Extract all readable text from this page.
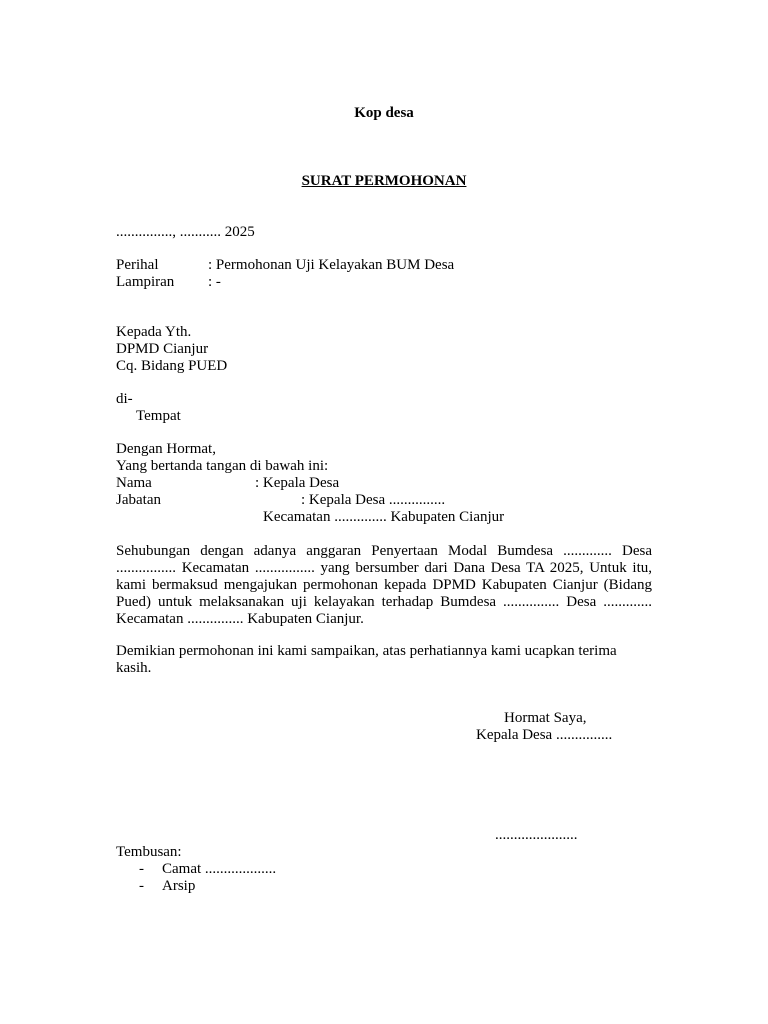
Kop desa
SURAT PERMOHONAN
..............., ........... 2025
Perihal	: Permohonan Uji Kelayakan BUM Desa
Lampiran : -
Kepada Yth.
DPMD Cianjur
Cq. Bidang PUED
di-
Tempat
Dengan Hormat,
Yang bertanda tangan di bawah ini:
Nama	: Kepala Desa
Jabatan	: Kepala Desa ...............
Kecamatan .............. Kabupaten Cianjur
Sehubungan dengan adanya anggaran Penyertaan Modal Bumdesa ............. Desa ................ Kecamatan ................ yang bersumber dari Dana Desa TA 2025, Untuk itu, kami bermaksud mengajukan permohonan kepada DPMD Kabupaten Cianjur (Bidang Pued) untuk melaksanakan uji kelayakan terhadap Bumdesa ............... Desa ............. Kecamatan ............... Kabupaten Cianjur.
Demikian permohonan ini kami sampaikan, atas perhatiannya kami ucapkan terima kasih.
Hormat Saya,
Kepala Desa ...............
......................
Tembusan:
- Camat ...................
- Arsip
